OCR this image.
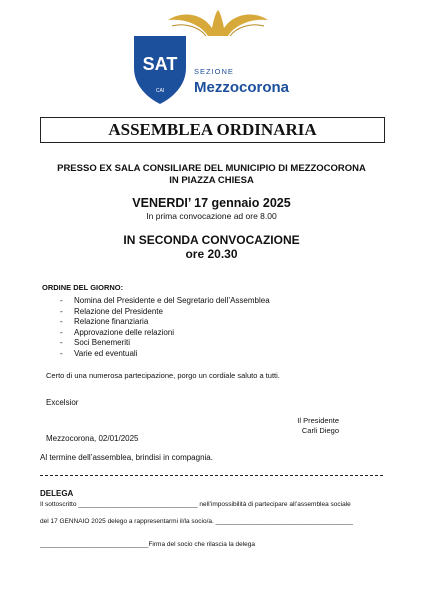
SAT
CAI
SEZIONE
Mezzocorona
ASSEMBLEA ORDINARIA
PRESSO EX SALA CONSILIARE DEL MUNICIPIO DI MEZZOCORONA
IN PIAZZA CHIESA
VENERDI’ 17 gennaio 2025
In prima convocazione ad ore 8.00
IN SECONDA CONVOCAZIONE
ore 20.30
ORDINE DEL GIORNO:
- Nomina del Presidente e del Segretario dell’Assemblea
- Relazione del Presidente
- Relazione finanziaria
- Approvazione delle relazioni
- Soci Benemeriti
- Varie ed eventuali
Certo di una numerosa partecipazione, porgo un cordiale saluto a tutti.
Excelsior
Il Presidente
Carli Diego
Mezzocorona, 02/01/2025
Al termine dell’assemblea, brindisi in compagnia.
DELEGA
Il sottoscritto _________________________________ nell’impossibilità di partecipare all’assemblea sociale
del 17 GENNAIO 2025 delego a rappresentarmi il/la socio/a. ______________________________________
______________________________Firma del socio che rilascia la delega
